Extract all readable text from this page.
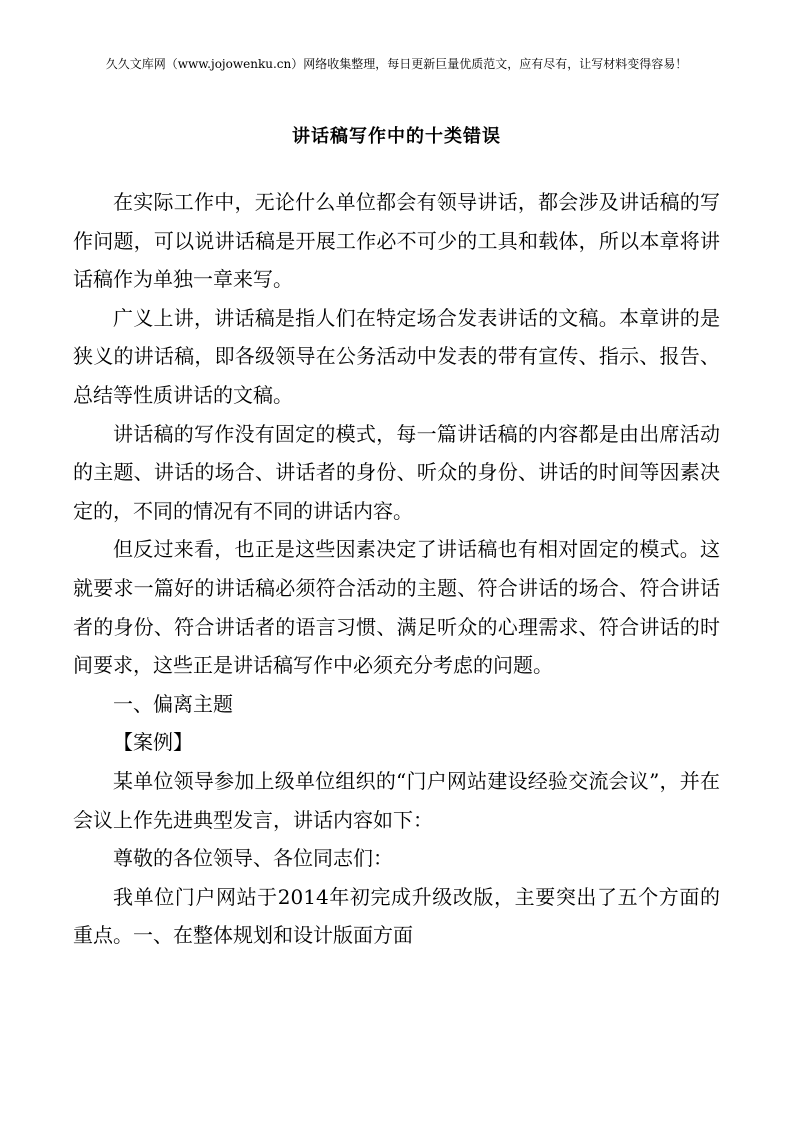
久久文库网（www.jojowenku.cn）网络收集整理，每日更新巨量优质范文，应有尽有，让写材料变得容易！
讲话稿写作中的十类错误

在实际工作中，无论什么单位都会有领导讲话，都会涉及讲话稿的写作问题，可以说讲话稿是开展工作必不可少的工具和载体，所以本章将讲话稿作为单独一章来写。

广义上讲，讲话稿是指人们在特定场合发表讲话的文稿。本章讲的是狭义的讲话稿，即各级领导在公务活动中发表的带有宣传、指示、报告、总结等性质讲话的文稿。

讲话稿的写作没有固定的模式，每一篇讲话稿的内容都是由出席活动的主题、讲话的场合、讲话者的身份、听众的身份、讲话的时间等因素决定的，不同的情况有不同的讲话内容。

但反过来看，也正是这些因素决定了讲话稿也有相对固定的模式。这就要求一篇好的讲话稿必须符合活动的主题、符合讲话的场合、符合讲话者的身份、符合讲话者的语言习惯、满足听众的心理需求、符合讲话的时间要求，这些正是讲话稿写作中必须充分考虑的问题。

一、偏离主题

【案例】

某单位领导参加上级单位组织的“门户网站建设经验交流会议”，并在会议上作先进典型发言，讲话内容如下：

尊敬的各位领导、各位同志们：

我单位门户网站于2014年初完成升级改版，主要突出了五个方面的重点。一、在整体规划和设计版面方面
